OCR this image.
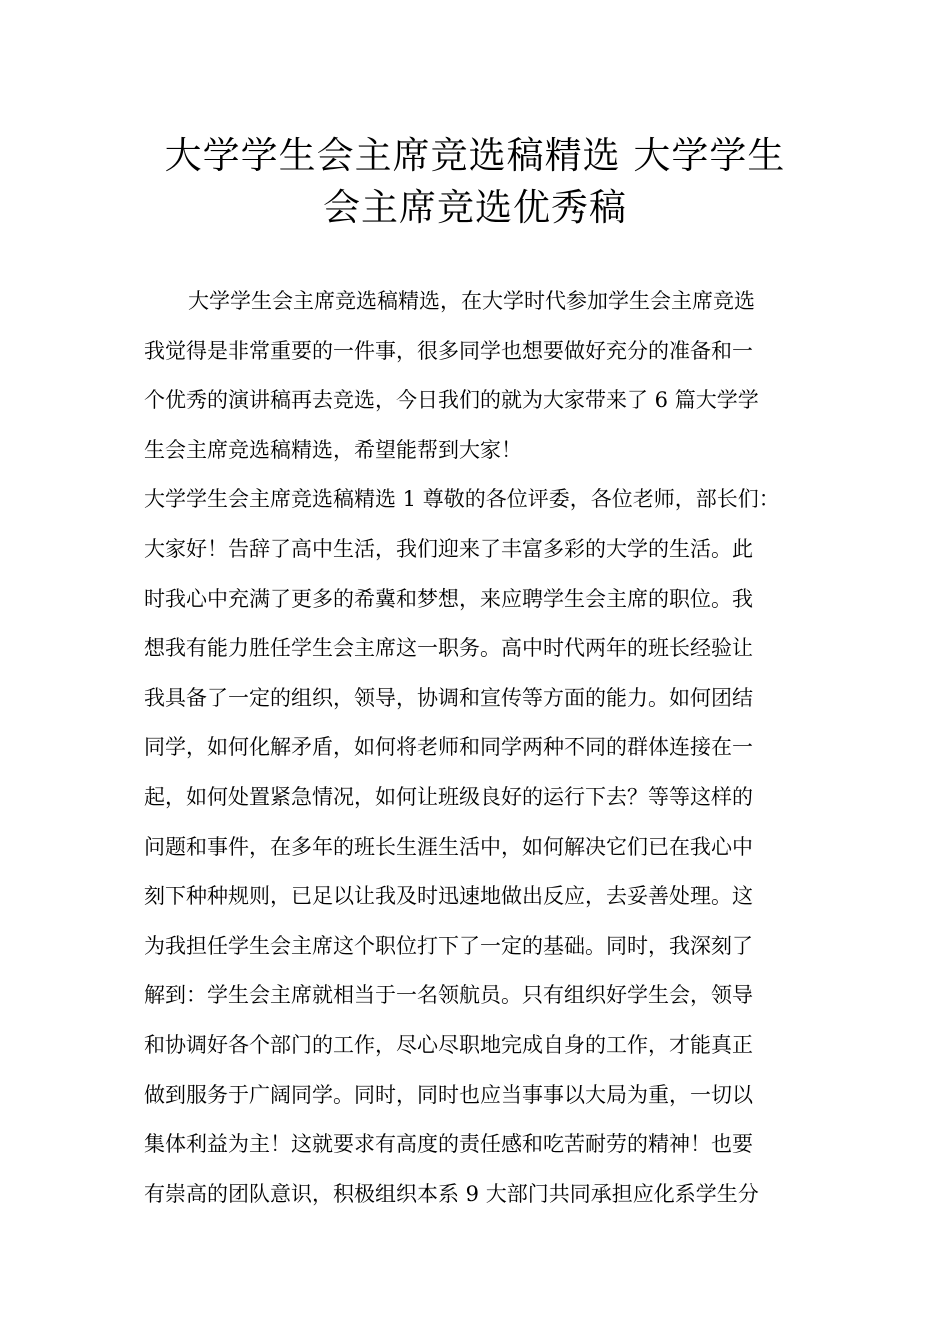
大学学生会主席竞选稿精选 大学学生
会主席竞选优秀稿
大学学生会主席竞选稿精选，在大学时代参加学生会主席竞选
我觉得是非常重要的一件事，很多同学也想要做好充分的准备和一
个优秀的演讲稿再去竞选，今日我们的就为大家带来了 6 篇大学学
生会主席竞选稿精选，希望能帮到大家！
大学学生会主席竞选稿精选 1 尊敬的各位评委，各位老师，部长们：
大家好！告辞了高中生活，我们迎来了丰富多彩的大学的生活。此
时我心中充满了更多的希冀和梦想，来应聘学生会主席的职位。我
想我有能力胜任学生会主席这一职务。高中时代两年的班长经验让
我具备了一定的组织，领导，协调和宣传等方面的能力。如何团结
同学，如何化解矛盾，如何将老师和同学两种不同的群体连接在一
起，如何处置紧急情况，如何让班级良好的运行下去？等等这样的
问题和事件，在多年的班长生涯生活中，如何解决它们已在我心中
刻下种种规则，已足以让我及时迅速地做出反应，去妥善处理。这
为我担任学生会主席这个职位打下了一定的基础。同时，我深刻了
解到：学生会主席就相当于一名领航员。只有组织好学生会，领导
和协调好各个部门的工作，尽心尽职地完成自身的工作，才能真正
做到服务于广阔同学。同时，同时也应当事事以大局为重，一切以
集体利益为主！这就要求有高度的责任感和吃苦耐劳的精神！也要
有崇高的团队意识，积极组织本系 9 大部门共同承担应化系学生分
